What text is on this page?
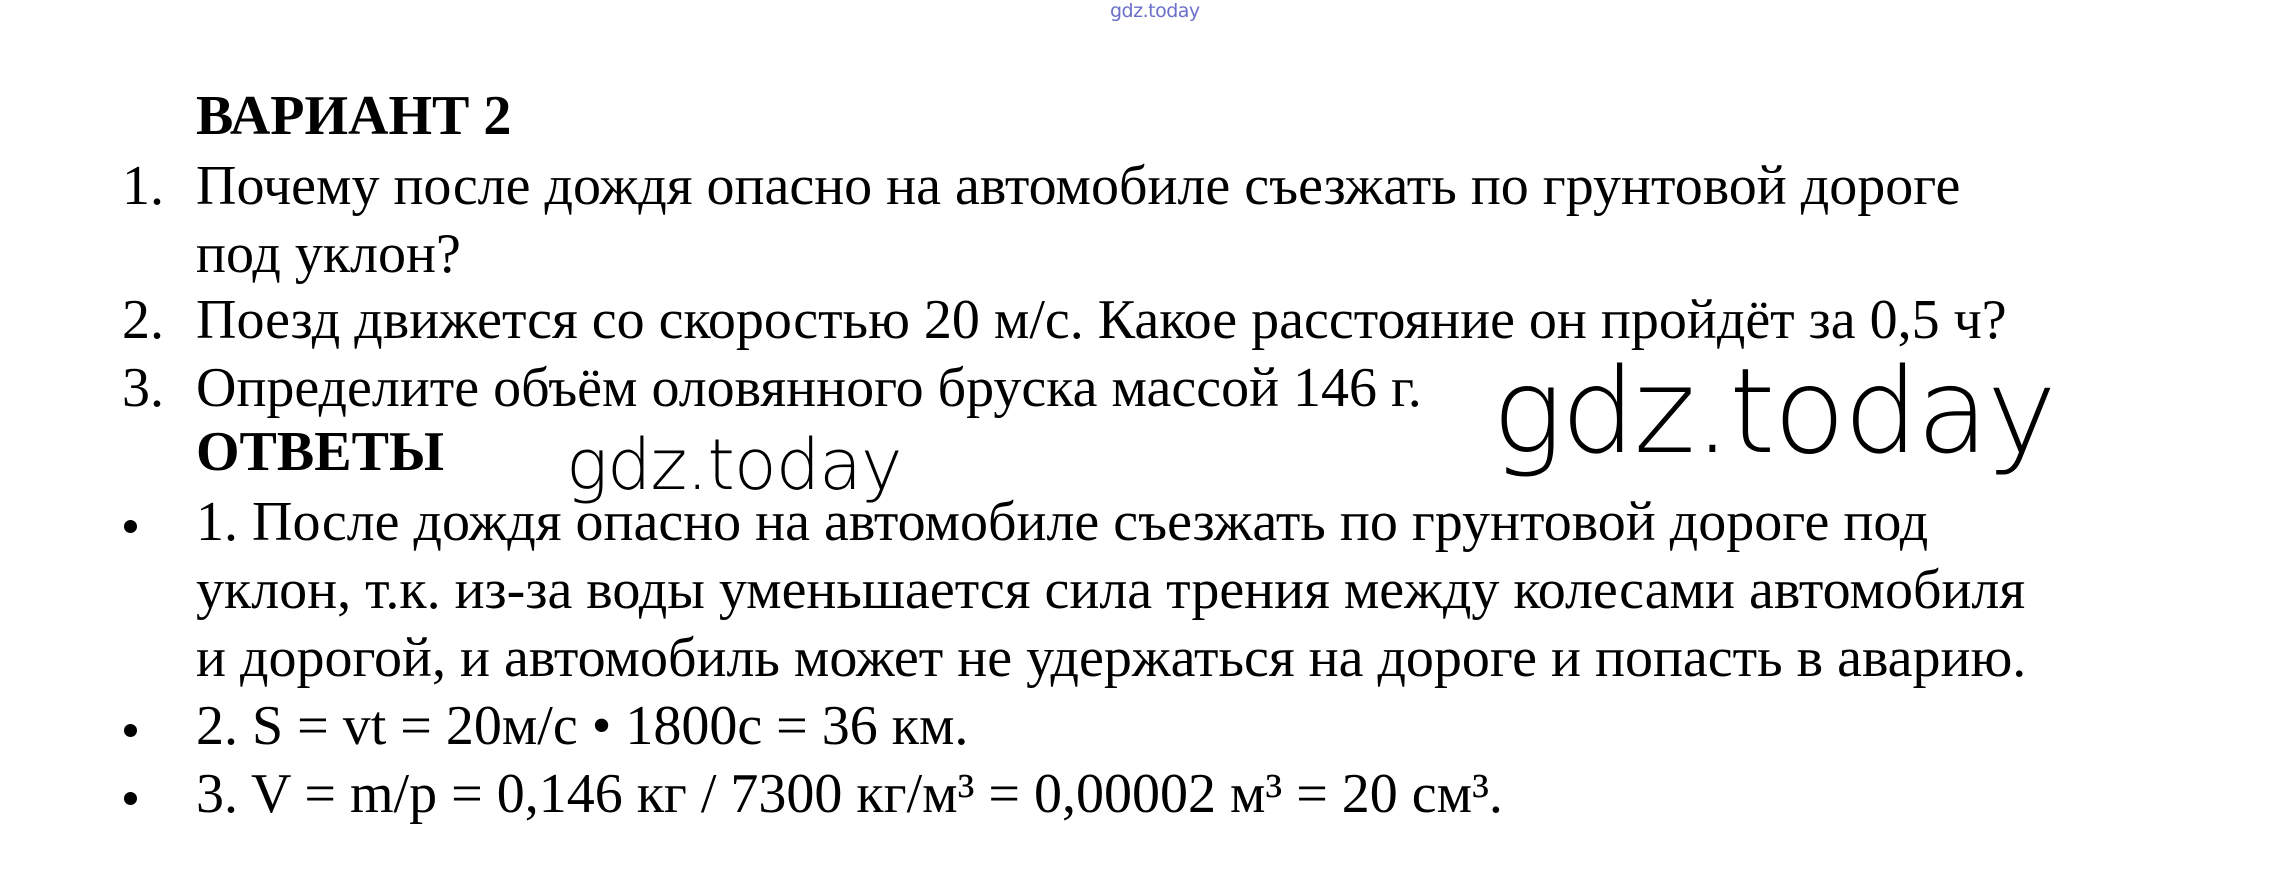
gdz.today
ВАРИАНТ 2
1. Почему после дождя опасно на автомобиле съезжать по грунтовой дороге
под уклон?
2. Поезд движется со скоростью 20 м/с. Какое расстояние он пройдёт за 0,5 ч?
3. Определите объём оловянного бруска массой 146 г.
ОТВЕТЫ
1. После дождя опасно на автомобиле съезжать по грунтовой дороге под
уклон, т.к. из-за воды уменьшается сила трения между колесами автомобиля
и дорогой, и автомобиль может не удержаться на дороге и попасть в аварию.
2. S = vt = 20м/с • 1800с = 36 км.
3. V = m/p = 0,146 кг / 7300 кг/м³ = 0,00002 м³ = 20 см³.
gdz.today
gdz.today
